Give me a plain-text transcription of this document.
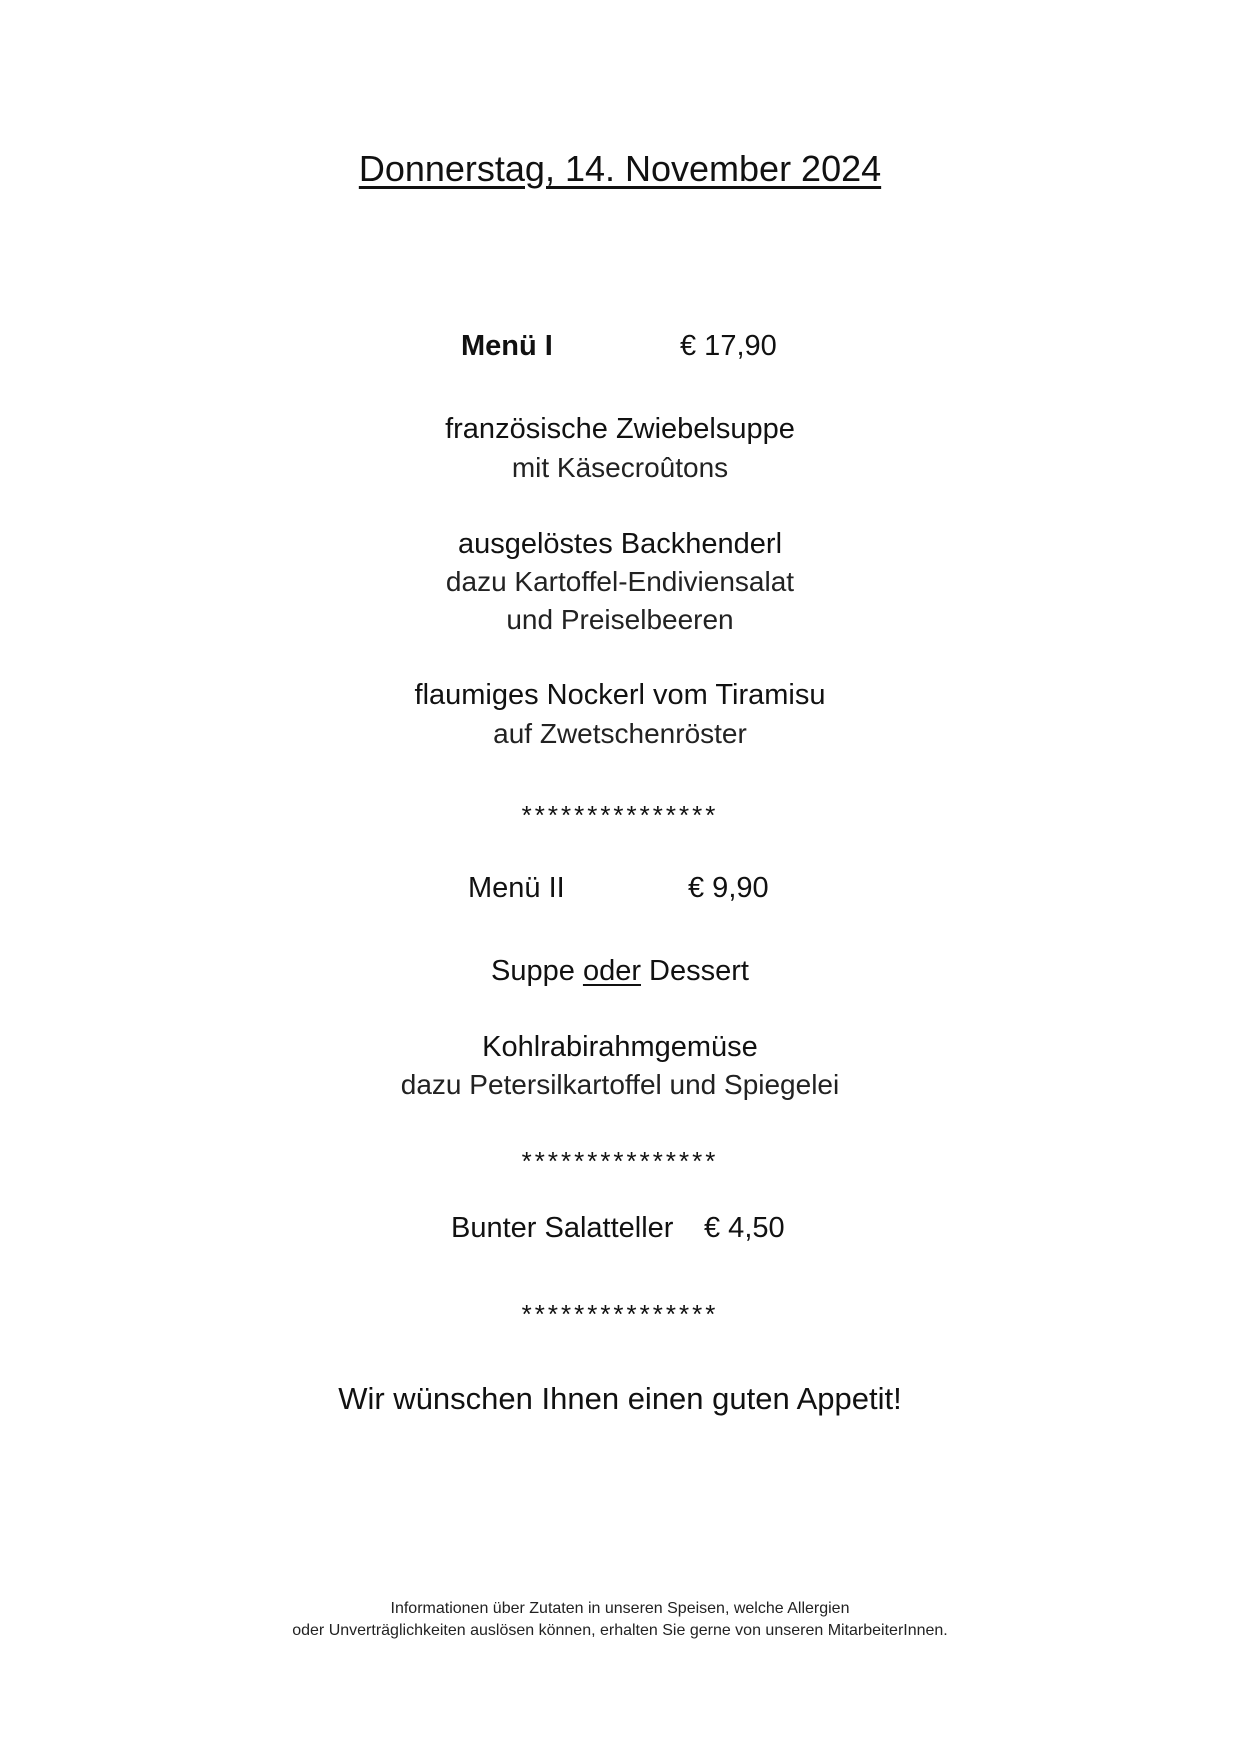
Donnerstag, 14. November 2024
Menü I	€ 17,90
französische Zwiebelsuppe
mit Käsecroûtons
ausgelöstes Backhenderl
dazu Kartoffel-Endiviensalat
und Preiselbeeren
flaumiges Nockerl vom Tiramisu
auf Zwetschenröster
***************
Menü II	€ 9,90
Suppe oder Dessert
Kohlrabirahmgemüse
dazu Petersilkartoffel und Spiegelei
***************
Bunter Salatteller € 4,50
***************
Wir wünschen Ihnen einen guten Appetit!
Informationen über Zutaten in unseren Speisen, welche Allergien
oder Unverträglichkeiten auslösen können, erhalten Sie gerne von unseren MitarbeiterInnen.
